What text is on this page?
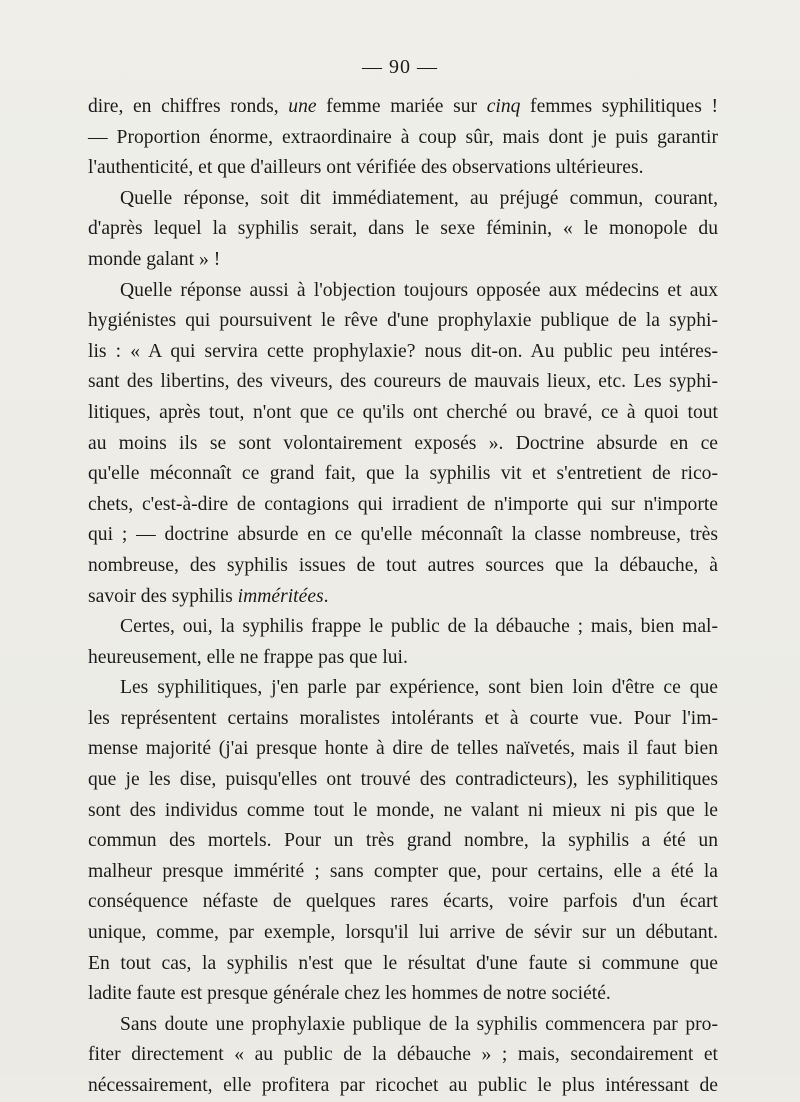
— 90 —
dire, en chiffres ronds, une femme mariée sur cinq femmes syphilitiques !
— Proportion énorme, extraordinaire à coup sûr, mais dont je puis garantir
l'authenticité, et que d'ailleurs ont vérifiée des observations ultérieures.
Quelle réponse, soit dit immédiatement, au préjugé commun, courant,
d'après lequel la syphilis serait, dans le sexe féminin, « le monopole du
monde galant » !
Quelle réponse aussi à l'objection toujours opposée aux médecins et aux
hygiénistes qui poursuivent le rêve d'une prophylaxie publique de la syphi-
lis : « A qui servira cette prophylaxie? nous dit-on. Au public peu intéres-
sant des libertins, des viveurs, des coureurs de mauvais lieux, etc. Les syphi-
litiques, après tout, n'ont que ce qu'ils ont cherché ou bravé, ce à quoi tout
au moins ils se sont volontairement exposés ». Doctrine absurde en ce
qu'elle méconnaît ce grand fait, que la syphilis vit et s'entretient de rico-
chets, c'est-à-dire de contagions qui irradient de n'importe qui sur n'importe
qui ; — doctrine absurde en ce qu'elle méconnaît la classe nombreuse, très
nombreuse, des syphilis issues de tout autres sources que la débauche, à
savoir des syphilis imméritées.
Certes, oui, la syphilis frappe le public de la débauche ; mais, bien mal-
heureusement, elle ne frappe pas que lui.
Les syphilitiques, j'en parle par expérience, sont bien loin d'être ce que
les représentent certains moralistes intolérants et à courte vue. Pour l'im-
mense majorité (j'ai presque honte à dire de telles naïvetés, mais il faut bien
que je les dise, puisqu'elles ont trouvé des contradicteurs), les syphilitiques
sont des individus comme tout le monde, ne valant ni mieux ni pis que le
commun des mortels. Pour un très grand nombre, la syphilis a été un
malheur presque immérité ; sans compter que, pour certains, elle a été la
conséquence néfaste de quelques rares écarts, voire parfois d'un écart
unique, comme, par exemple, lorsqu'il lui arrive de sévir sur un débutant.
En tout cas, la syphilis n'est que le résultat d'une faute si commune que
ladite faute est presque générale chez les hommes de notre société.
Sans doute une prophylaxie publique de la syphilis commencera par pro-
fiter directement « au public de la débauche » ; mais, secondairement et
nécessairement, elle profitera par ricochet au public le plus intéressant de
